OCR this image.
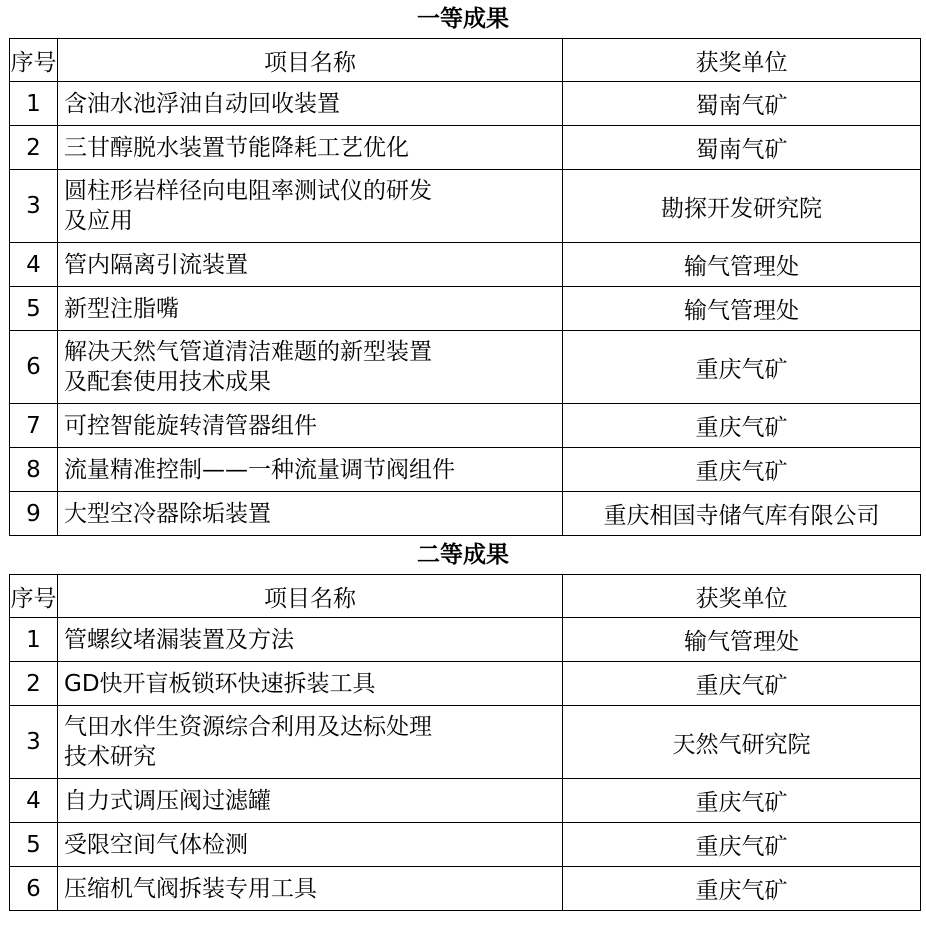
一等成果
序号	项目名称	获奖单位
1	含油水池浮油自动回收装置	蜀南气矿
2	三甘醇脱水装置节能降耗工艺优化	蜀南气矿
3	圆柱形岩样径向电阻率测试仪的研发
及应用	勘探开发研究院
4	管内隔离引流装置	输气管理处
5	新型注脂嘴	输气管理处
6	解决天然气管道清洁难题的新型装置
及配套使用技术成果	重庆气矿
7	可控智能旋转清管器组件	重庆气矿
8	流量精准控制——一种流量调节阀组件	重庆气矿
9	大型空冷器除垢装置	重庆相国寺储气库有限公司
二等成果
序号	项目名称	获奖单位
1	管螺纹堵漏装置及方法	输气管理处
2	GD快开盲板锁环快速拆装工具	重庆气矿
3	气田水伴生资源综合利用及达标处理
技术研究	天然气研究院
4	自力式调压阀过滤罐	重庆气矿
5	受限空间气体检测	重庆气矿
6	压缩机气阀拆装专用工具	重庆气矿
